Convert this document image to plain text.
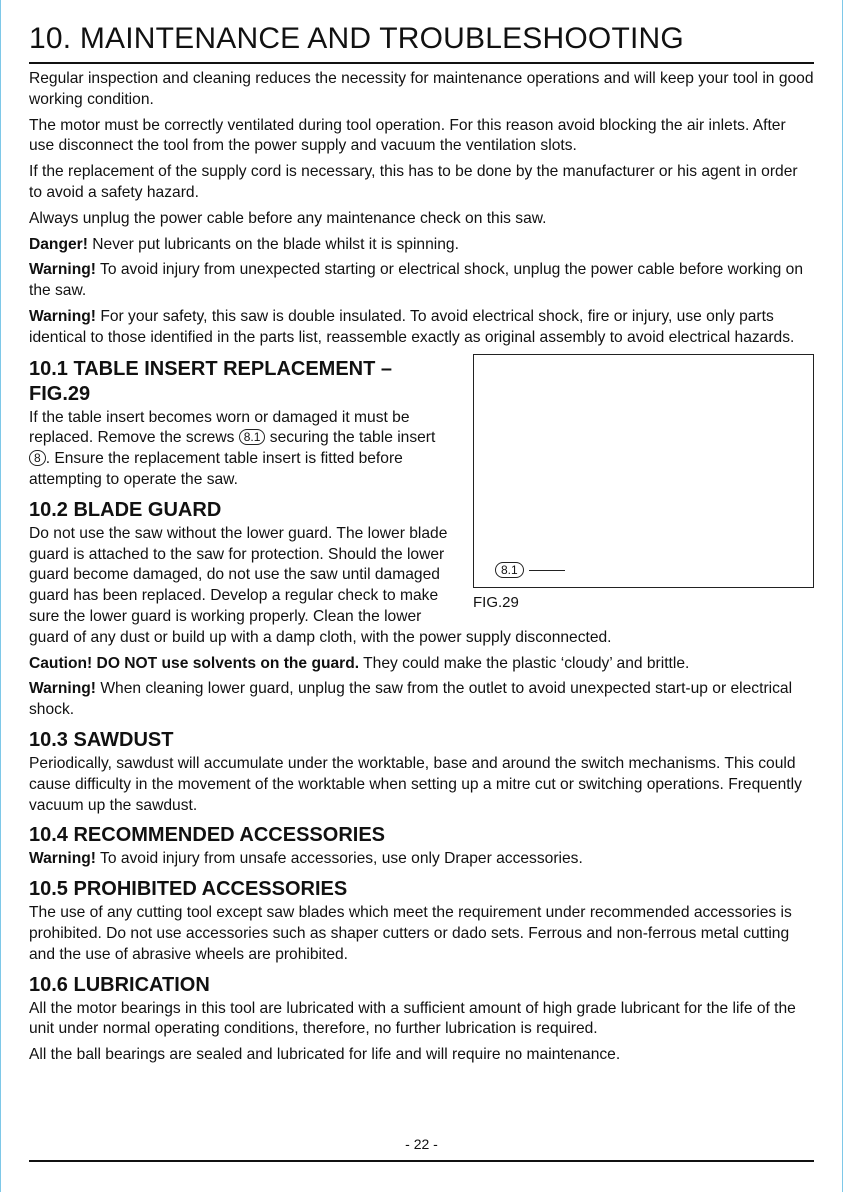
10. MAINTENANCE AND TROUBLESHOOTING

Regular inspection and cleaning reduces the necessity for maintenance operations and will keep your tool in good working condition.

The motor must be correctly ventilated during tool operation. For this reason avoid blocking the air inlets. After use disconnect the tool from the power supply and vacuum the ventilation slots.

If the replacement of the supply cord is necessary, this has to be done by the manufacturer or his agent in order to avoid a safety hazard.

Always unplug the power cable before any maintenance check on this saw.

Danger! Never put lubricants on the blade whilst it is spinning.

Warning! To avoid injury from unexpected starting or electrical shock, unplug the power cable before working on the saw.

Warning! For your safety, this saw is double insulated. To avoid electrical shock, fire or injury, use only parts identical to those identified in the parts list, reassemble exactly as original assembly to avoid electrical hazards.

8.1
FIG.29
10.1 TABLE INSERT REPLACEMENT – FIG.29

If the table insert becomes worn or damaged it must be replaced. Remove the screws 8.1 securing the table insert 8 . Ensure the replacement table insert is fitted before attempting to operate the saw.

10.2 BLADE GUARD

Do not use the saw without the lower guard. The lower blade guard is attached to the saw for protection. Should the lower guard become damaged, do not use the saw until damaged guard has been replaced. Develop a regular check to make sure the lower guard is working properly. Clean the lower guard of any dust or build up with a damp cloth, with the power supply disconnected.

Caution! DO NOT use solvents on the guard. They could make the plastic ‘cloudy’ and brittle.

Warning! When cleaning lower guard, unplug the saw from the outlet to avoid unexpected start-up or electrical shock.

10.3 SAWDUST

Periodically, sawdust will accumulate under the worktable, base and around the switch mechanisms. This could cause difficulty in the movement of the worktable when setting up a mitre cut or switching operations. Frequently vacuum up the sawdust.

10.4 RECOMMENDED ACCESSORIES

Warning! To avoid injury from unsafe accessories, use only Draper accessories.

10.5 PROHIBITED ACCESSORIES

The use of any cutting tool except saw blades which meet the requirement under recommended accessories is prohibited. Do not use accessories such as shaper cutters or dado sets. Ferrous and non-ferrous metal cutting and the use of abrasive wheels are prohibited.

10.6 LUBRICATION

All the motor bearings in this tool are lubricated with a sufficient amount of high grade lubricant for the life of the unit under normal operating conditions, therefore, no further lubrication is required.

All the ball bearings are sealed and lubricated for life and will require no maintenance.

- 22 -
